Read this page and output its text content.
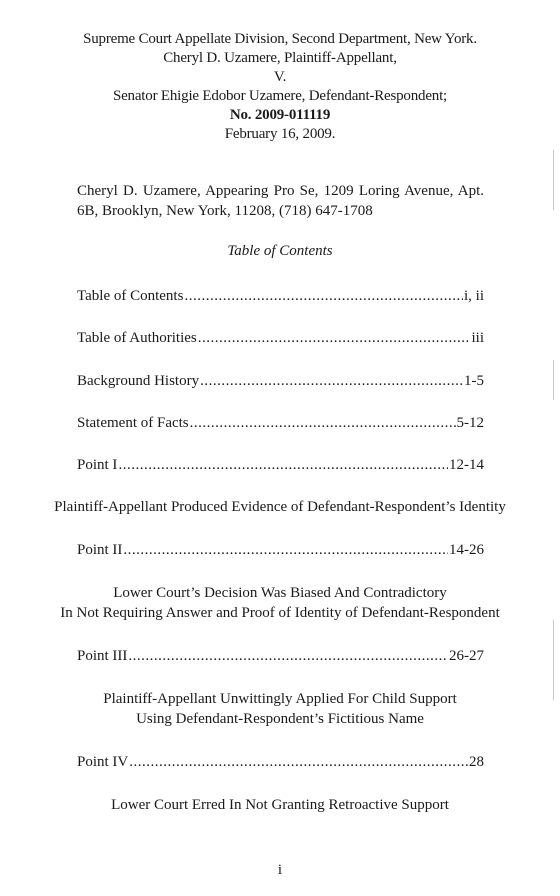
Supreme Court Appellate Division, Second Department, New York.
Cheryl D. Uzamere, Plaintiff-Appellant,
V.
Senator Ehigie Edobor Uzamere, Defendant-Respondent;
No. 2009-011119
February 16, 2009.
Cheryl D. Uzamere, Appearing Pro Se, 1209 Loring Avenue, Apt. 6B, Brooklyn, New York, 11208, (718) 647-1708
Table of Contents
Table of Contents .....	i, ii
Table of Authorities .....	iii
Background History .....	1-5
Statement of Facts .....	5-12
Point I .....	12-14
Plaintiff-Appellant Produced Evidence of Defendant-Respondent’s Identity
Point II .....	14-26
Lower Court’s Decision Was Biased And Contradictory
In Not Requiring Answer and Proof of Identity of Defendant-Respondent
Point III .....	26-27
Plaintiff-Appellant Unwittingly Applied For Child Support
Using Defendant-Respondent’s Fictitious Name
Point IV .....	28
Lower Court Erred In Not Granting Retroactive Support
i
